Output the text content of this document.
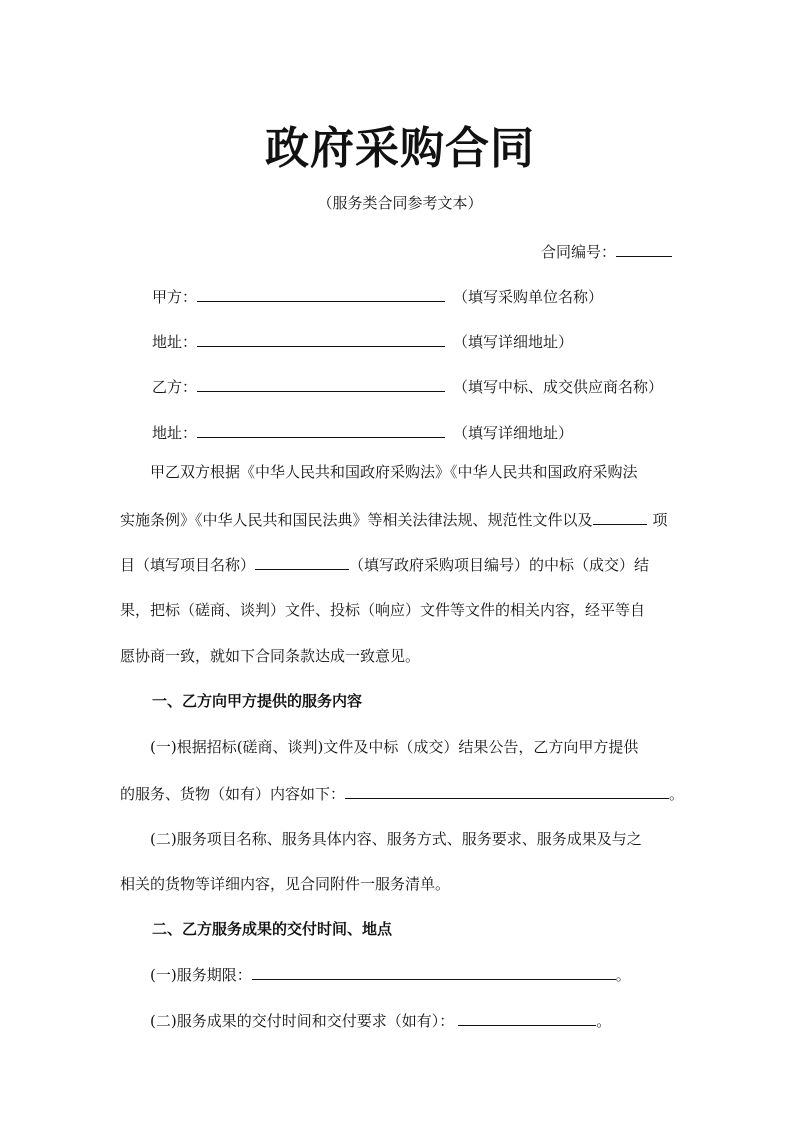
政府采购合同
（服务类合同参考文本）
合同编号：
甲方：	（填写采购单位名称）
地址：	（填写详细地址）
乙方：	（填写中标、成交供应商名称）
地址：	（填写详细地址）
甲乙双方根据《中华人民共和国政府采购法》《中华人民共和国政府采购法
实施条例》《中华人民共和国民法典》等相关法律法规、规范性文件以及	项
目（填写项目名称）	（填写政府采购项目编号）的中标（成交）结
果，把标（磋商、谈判）文件、投标（响应）文件等文件的相关内容，经平等自
愿协商一致，就如下合同条款达成一致意见。
一、乙方向甲方提供的服务内容
(一)根据招标(磋商、谈判)文件及中标（成交）结果公告，乙方向甲方提供
的服务、货物（如有）内容如下：	。
(二)服务项目名称、服务具体内容、服务方式、服务要求、服务成果及与之
相关的货物等详细内容，见合同附件一服务清单。
二、乙方服务成果的交付时间、地点
(一)服务期限：	。
(二)服务成果的交付时间和交付要求（如有）：	。
